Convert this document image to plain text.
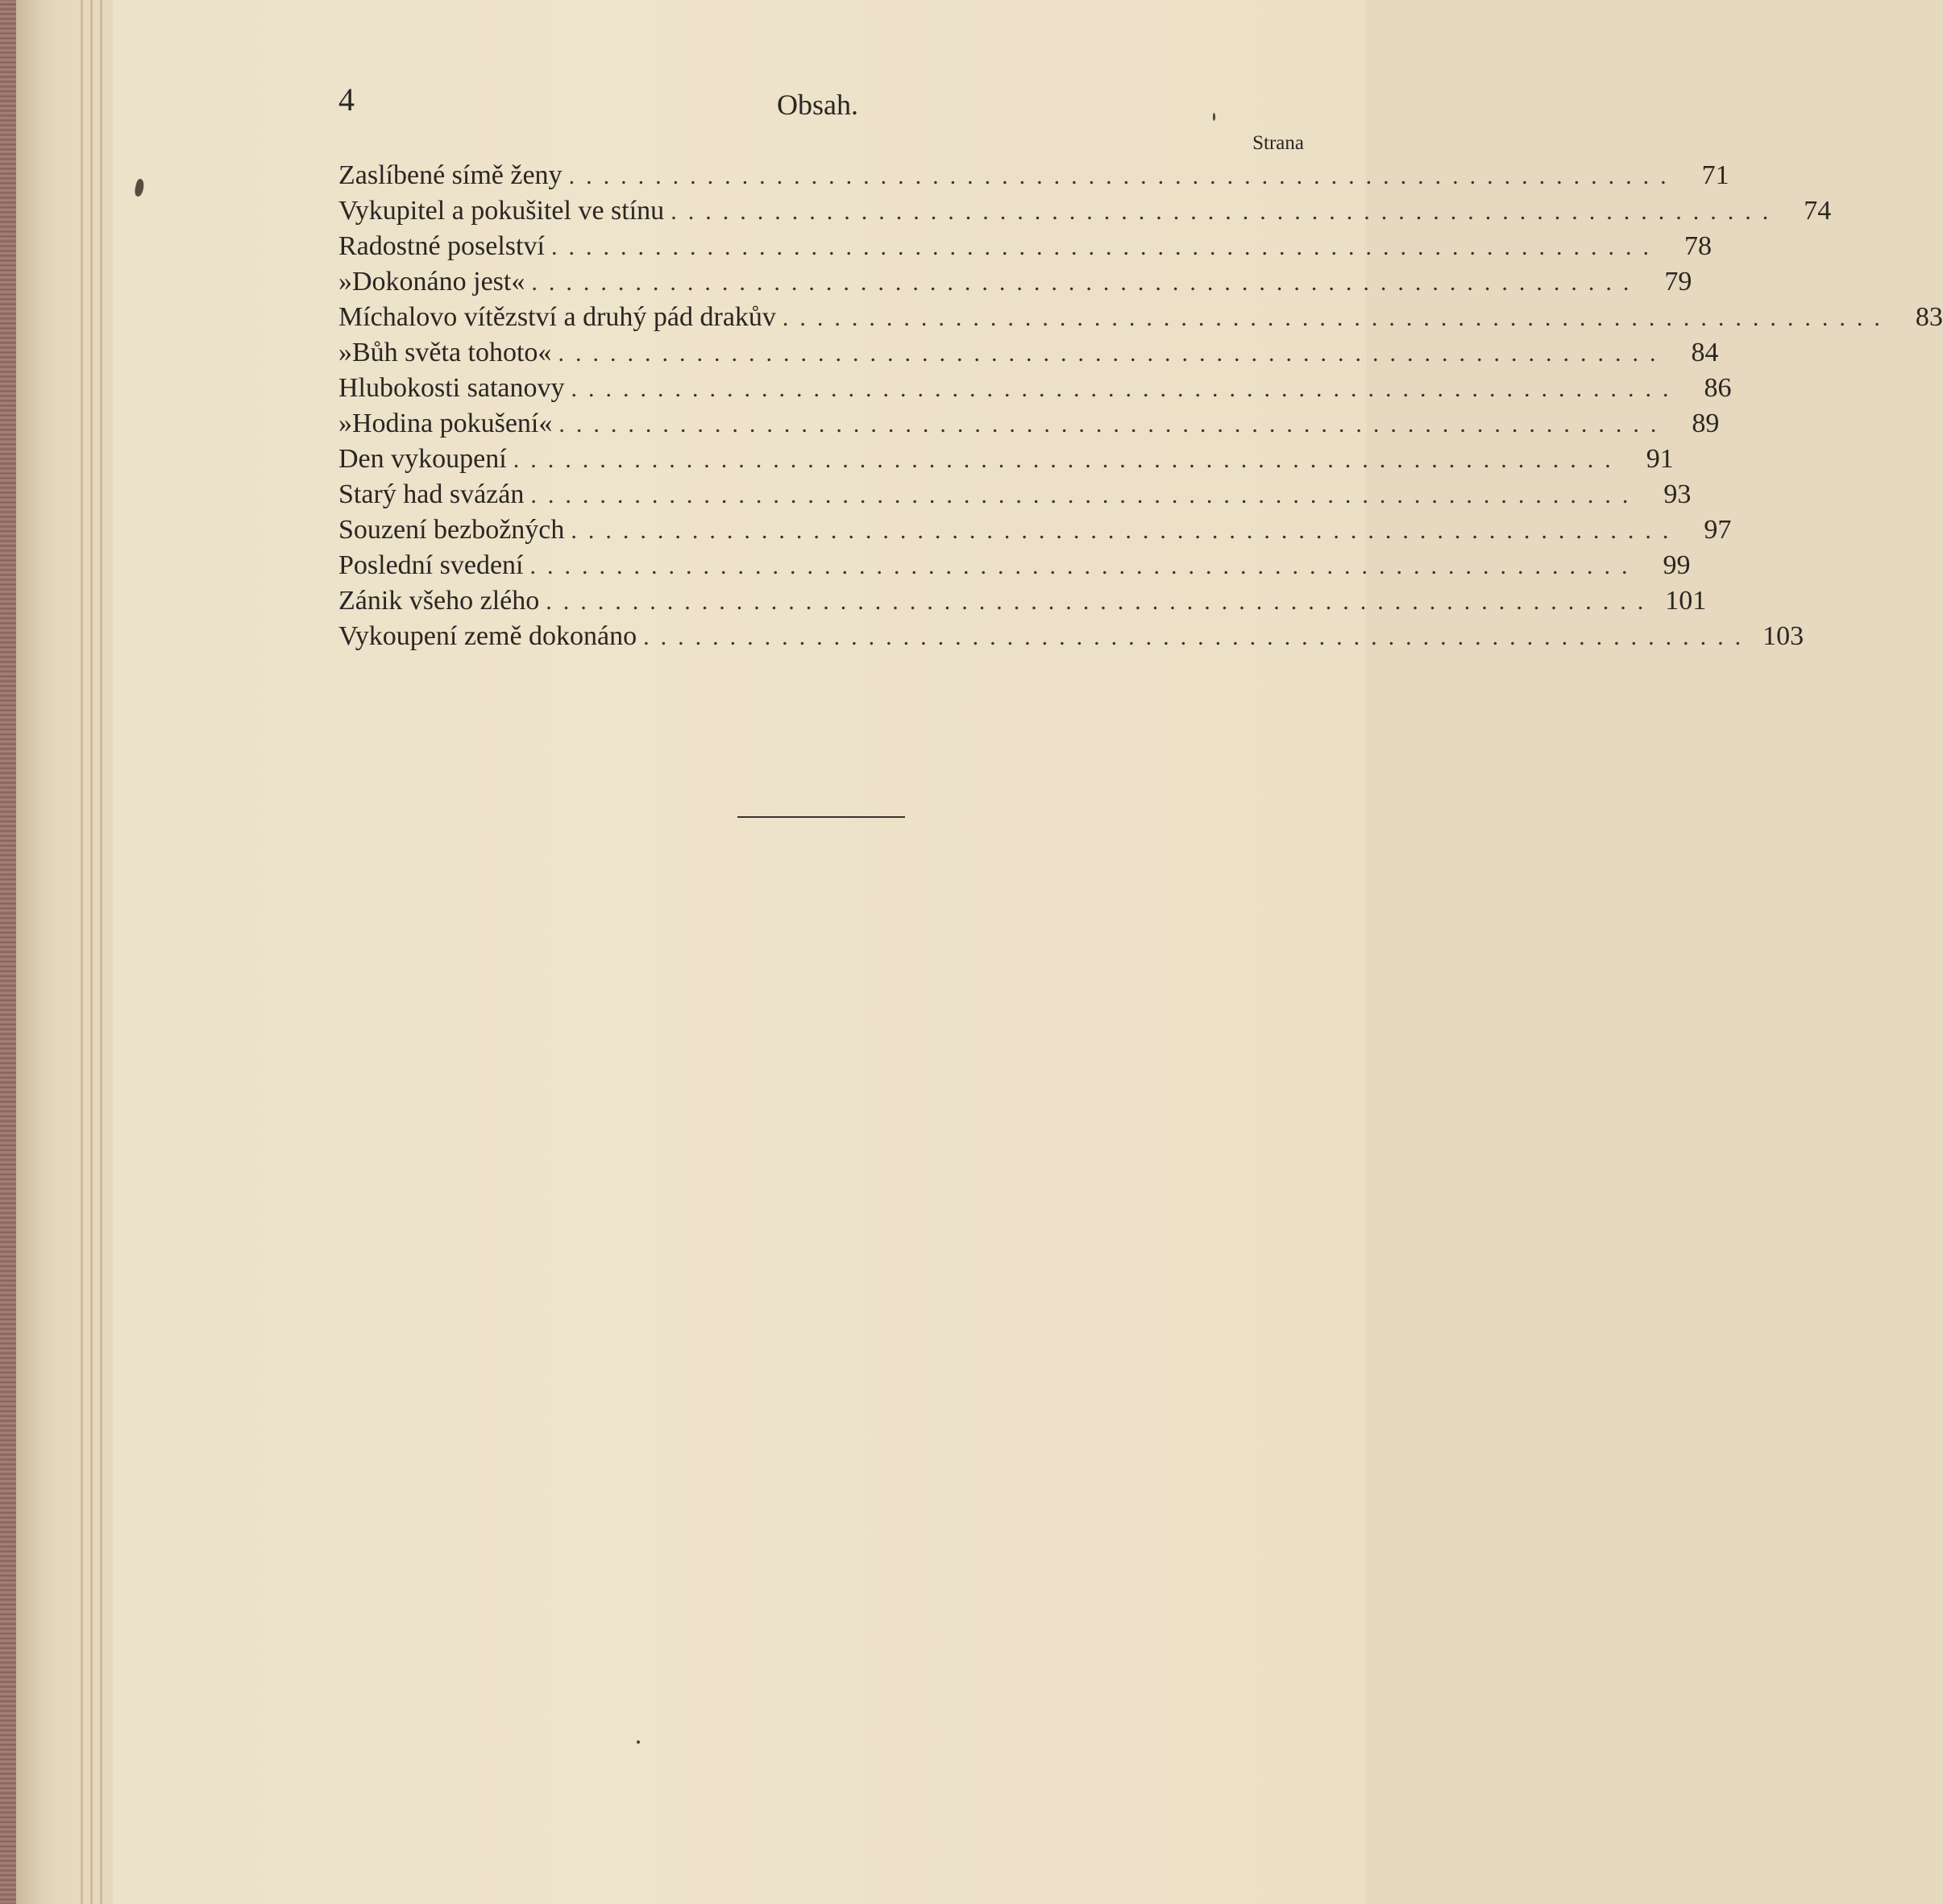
4	Obsah.
Strana
Zaslíbené símě ženy ................................................................ 71
Vykupitel a pokušitel ve stínu ................................................................ 74
Radostné poselství ................................................................ 78
»Dokonáno jest« ................................................................ 79
Míchalovo vítězství a druhý pád drakův ................................................................ 83
»Bůh světa tohoto« ................................................................ 84
Hlubokosti satanovy ................................................................ 86
»Hodina pokušení« ................................................................ 89
Den vykoupení ................................................................ 91
Starý had svázán ................................................................ 93
Souzení bezbožných ................................................................ 97
Poslední svedení ................................................................ 99
Zánik všeho zlého ................................................................ 101
Vykoupení země dokonáno ................................................................ 103
